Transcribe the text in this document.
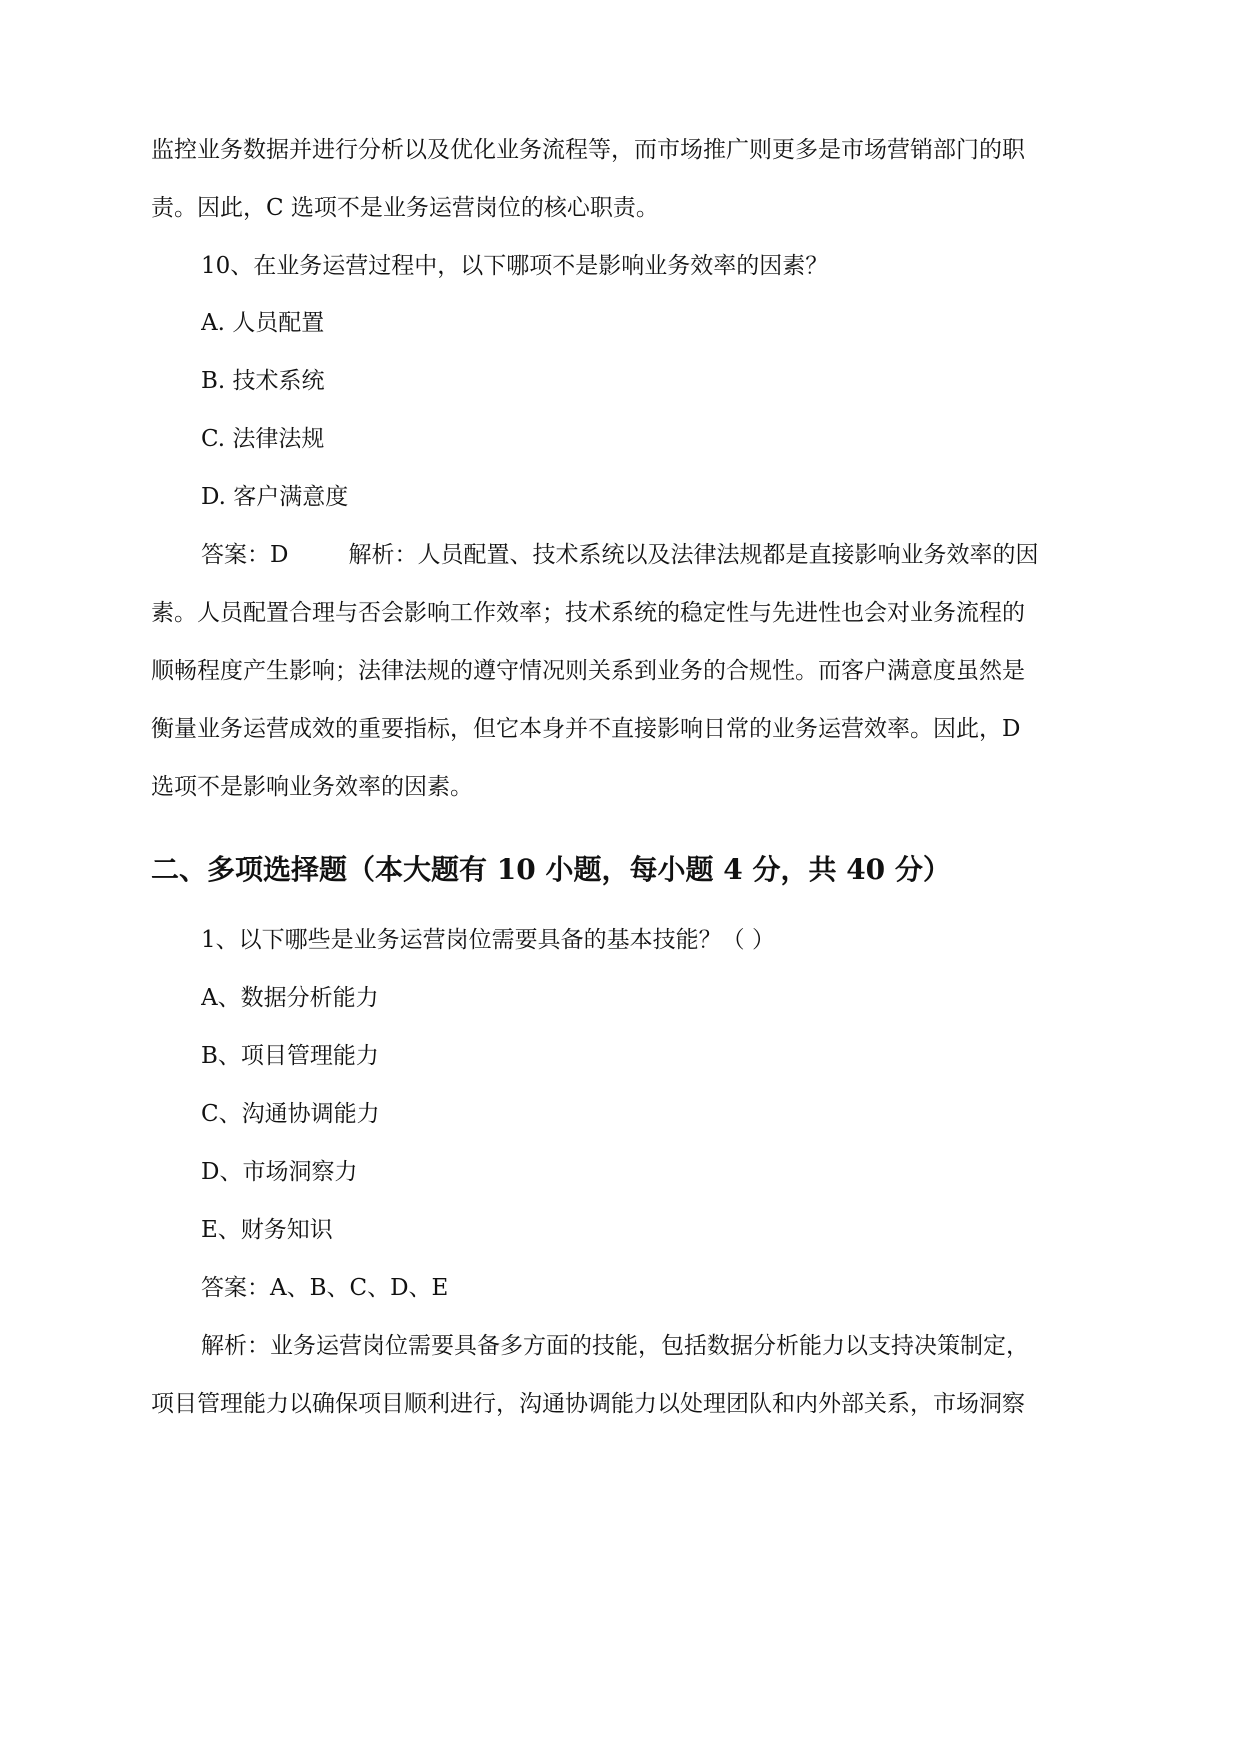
监控业务数据并进行分析以及优化业务流程等，而市场推广则更多是市场营销部门的职
责。因此，C 选项不是业务运营岗位的核心职责。
10、在业务运营过程中，以下哪项不是影响业务效率的因素？
A. 人员配置
B. 技术系统
C. 法律法规
D. 客户满意度
答案：D	解析：人员配置、技术系统以及法律法规都是直接影响业务效率的因
素。人员配置合理与否会影响工作效率；技术系统的稳定性与先进性也会对业务流程的
顺畅程度产生影响；法律法规的遵守情况则关系到业务的合规性。而客户满意度虽然是
衡量业务运营成效的重要指标，但它本身并不直接影响日常的业务运营效率。因此，D
选项不是影响业务效率的因素。
二、多项选择题（本大题有 10 小题，每小题 4 分，共 40 分）
1、以下哪些是业务运营岗位需要具备的基本技能？（ ）
A、数据分析能力
B、项目管理能力
C、沟通协调能力
D、市场洞察力
E、财务知识
答案：A、B、C、D、E
解析：业务运营岗位需要具备多方面的技能，包括数据分析能力以支持决策制定，
项目管理能力以确保项目顺利进行，沟通协调能力以处理团队和内外部关系，市场洞察
